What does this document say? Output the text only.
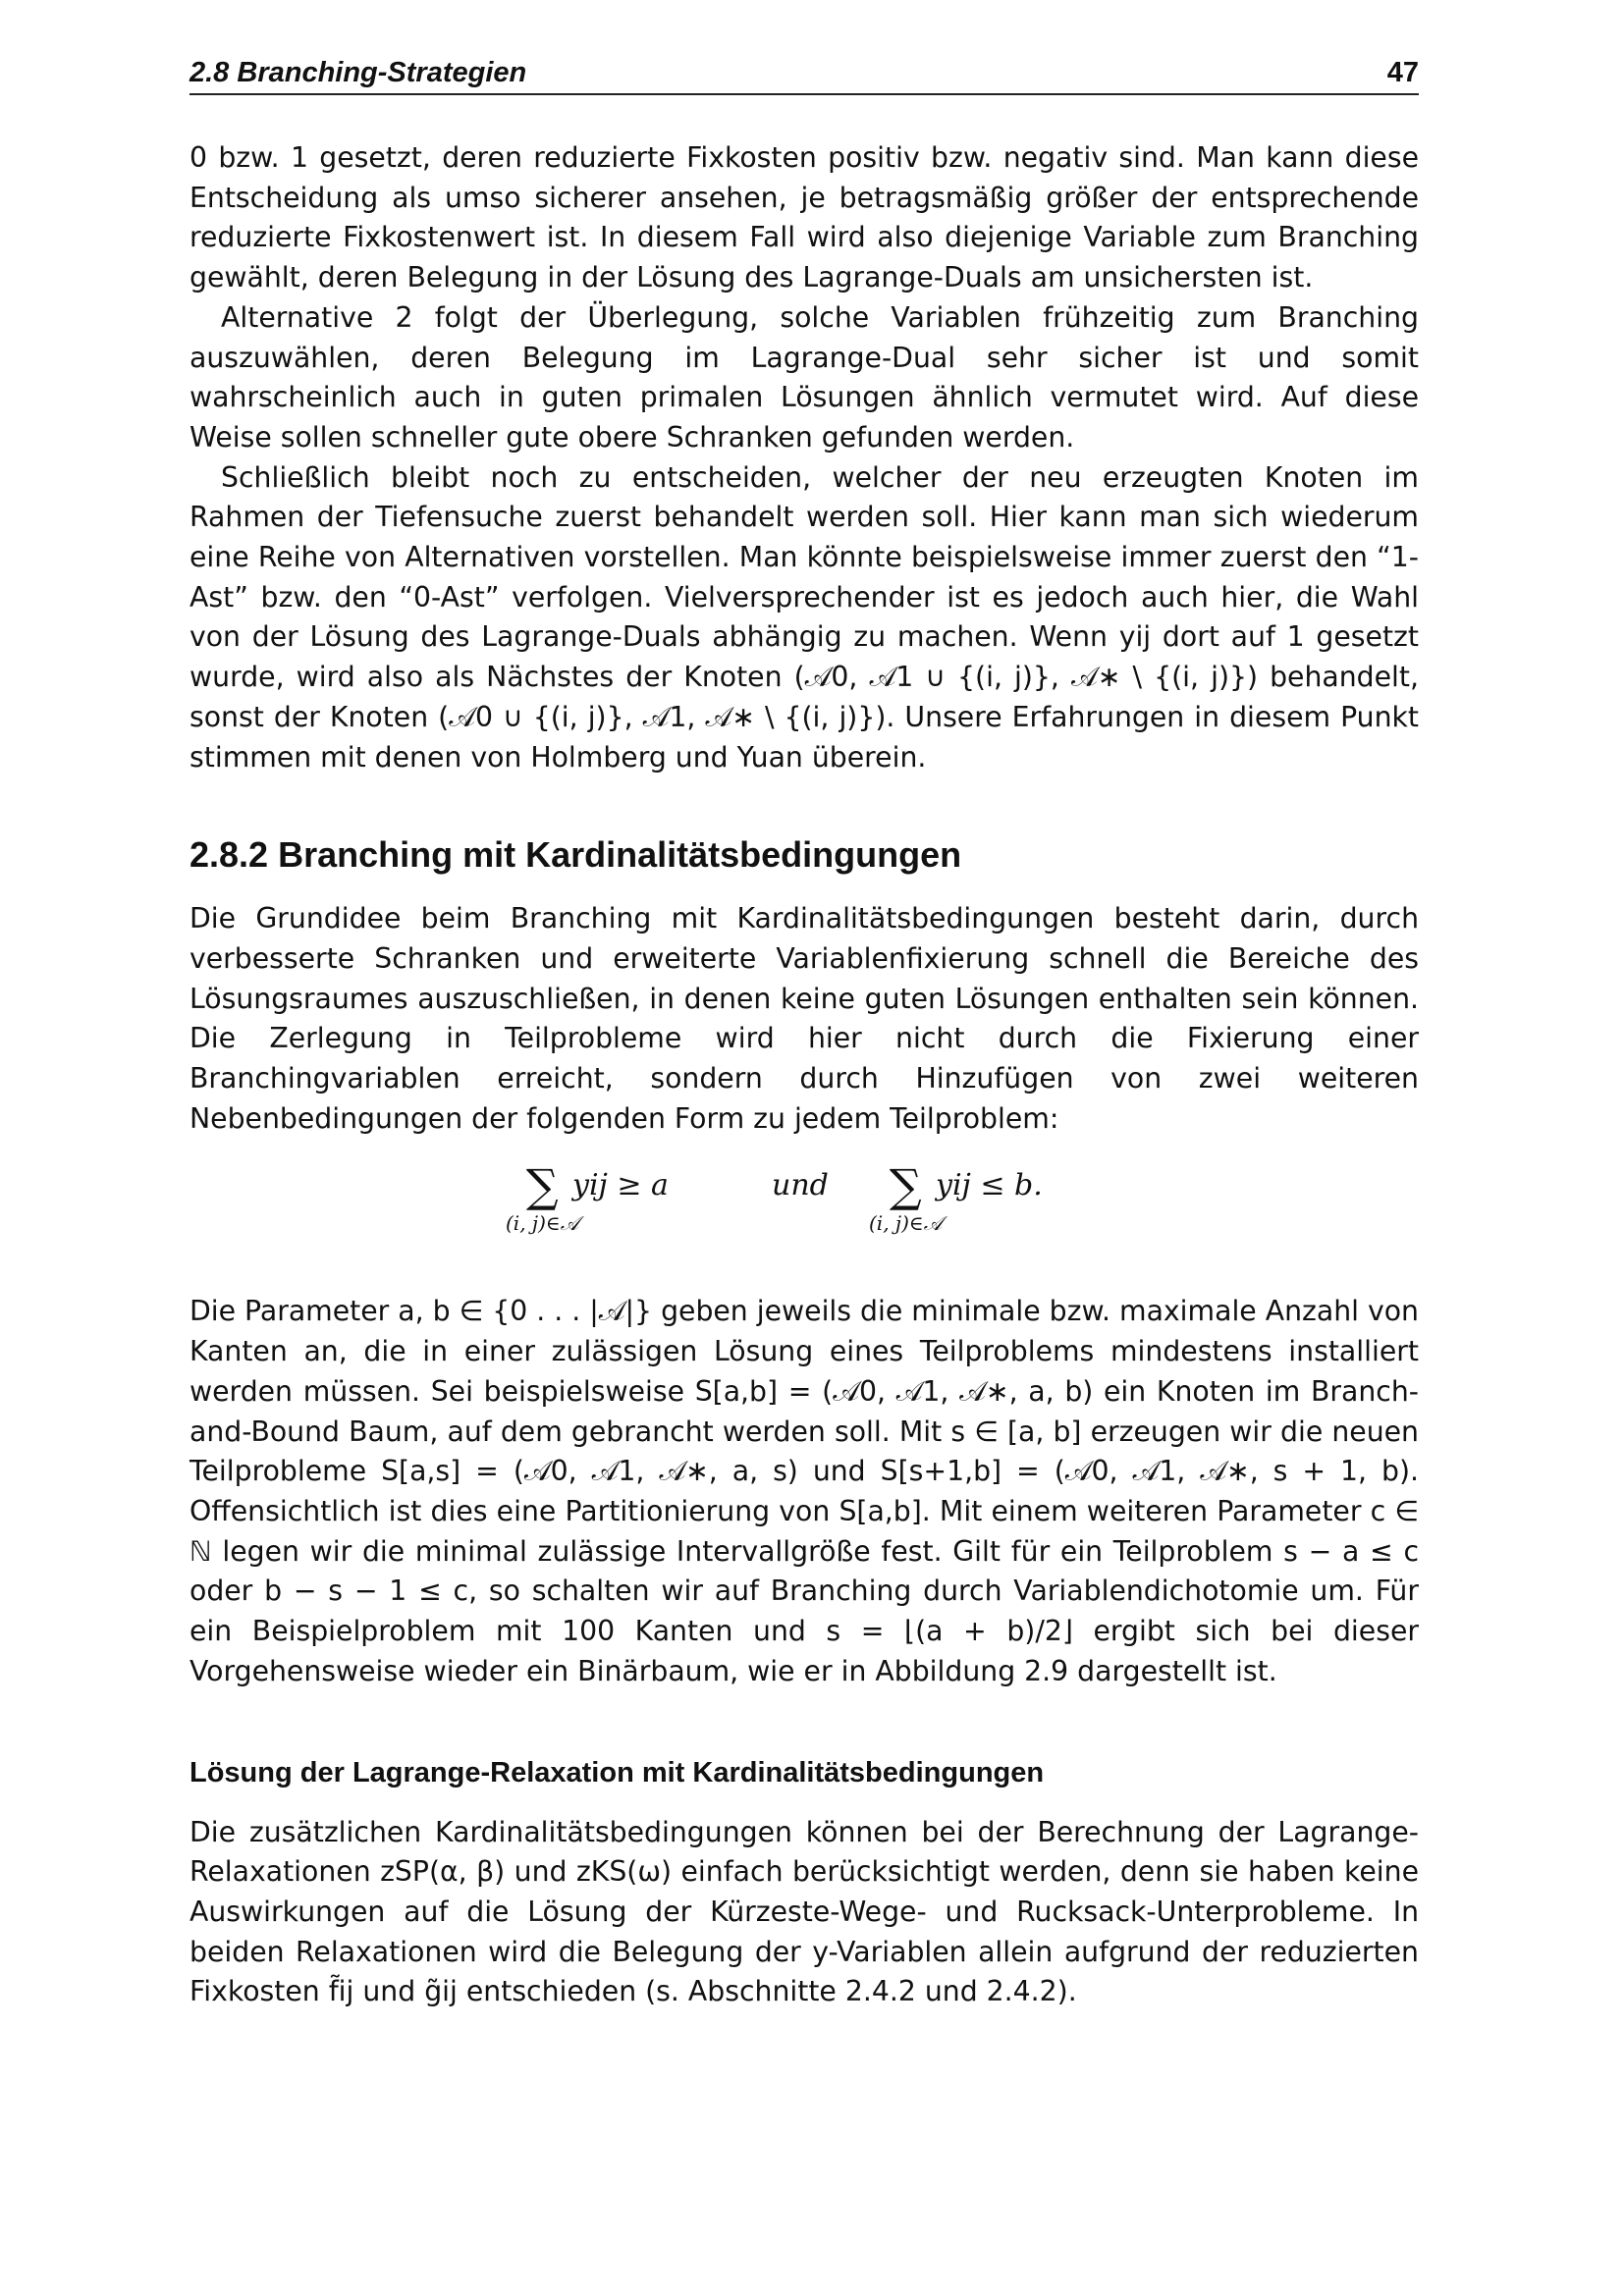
2.8 Branching-Strategien	47

0 bzw. 1 gesetzt, deren reduzierte Fixkosten positiv bzw. negativ sind. Man kann diese Entscheidung als umso sicherer ansehen, je betragsmäßig größer der entsprechende reduzierte Fixkostenwert ist. In diesem Fall wird also diejenige Variable zum Branching gewählt, deren Belegung in der Lösung des Lagrange-Duals am unsichersten ist.

Alternative 2 folgt der Überlegung, solche Variablen frühzeitig zum Branching auszuwählen, deren Belegung im Lagrange-Dual sehr sicher ist und somit wahrscheinlich auch in guten primalen Lösungen ähnlich vermutet wird. Auf diese Weise sollen schneller gute obere Schranken gefunden werden.

Schließlich bleibt noch zu entscheiden, welcher der neu erzeugten Knoten im Rahmen der Tiefensuche zuerst behandelt werden soll. Hier kann man sich wiederum eine Reihe von Alternativen vorstellen. Man könnte beispielsweise immer zuerst den “1-Ast” bzw. den “0-Ast” verfolgen. Vielversprechender ist es jedoch auch hier, die Wahl von der Lösung des Lagrange-Duals abhängig zu machen. Wenn yij dort auf 1 gesetzt wurde, wird also als Nächstes der Knoten (𝒜0, 𝒜1 ∪ {(i, j)}, 𝒜∗ \ {(i, j)}) behandelt, sonst der Knoten (𝒜0 ∪ {(i, j)}, 𝒜1, 𝒜∗ \ {(i, j)}). Unsere Erfahrungen in diesem Punkt stimmen mit denen von Holmberg und Yuan überein.

2.8.2 Branching mit Kardinalitätsbedingungen

Die Grundidee beim Branching mit Kardinalitätsbedingungen besteht darin, durch verbesserte Schranken und erweiterte Variablenfixierung schnell die Bereiche des Lösungsraumes auszuschließen, in denen keine guten Lösungen enthalten sein können. Die Zerlegung in Teilprobleme wird hier nicht durch die Fixierung einer Branchingvariablen erreicht, sondern durch Hinzufügen von zwei weiteren Nebenbedingungen der folgenden Form zu jedem Teilproblem:

∑
(i, j)∈𝒜
yij ≥ a	und	∑
(i, j)∈𝒜
yij ≤ b.

Die Parameter a, b ∈ {0 . . . |𝒜|} geben jeweils die minimale bzw. maximale Anzahl von Kanten an, die in einer zulässigen Lösung eines Teilproblems mindestens installiert werden müssen. Sei beispielsweise S[a,b] = (𝒜0, 𝒜1, 𝒜∗, a, b) ein Knoten im Branch-and-Bound Baum, auf dem gebrancht werden soll. Mit s ∈ [a, b] erzeugen wir die neuen Teilprobleme S[a,s] = (𝒜0, 𝒜1, 𝒜∗, a, s) und S[s+1,b] = (𝒜0, 𝒜1, 𝒜∗, s + 1, b). Offensichtlich ist dies eine Partitionierung von S[a,b]. Mit einem weiteren Parameter c ∈ ℕ legen wir die minimal zulässige Intervallgröße fest. Gilt für ein Teilproblem s − a ≤ c oder b − s − 1 ≤ c, so schalten wir auf Branching durch Variablendichotomie um. Für ein Beispielproblem mit 100 Kanten und s = ⌊(a + b)/2⌋ ergibt sich bei dieser Vorgehensweise wieder ein Binärbaum, wie er in Abbildung 2.9 dargestellt ist.

Lösung der Lagrange-Relaxation mit Kardinalitätsbedingungen

Die zusätzlichen Kardinalitätsbedingungen können bei der Berechnung der Lagrange-Relaxationen zSP(α, β) und zKS(ω) einfach berücksichtigt werden, denn sie haben keine Auswirkungen auf die Lösung der Kürzeste-Wege- und Rucksack-Unterprobleme. In beiden Relaxationen wird die Belegung der y-Variablen allein aufgrund der reduzierten Fixkosten f̃ij und g̃ij entschieden (s. Abschnitte 2.4.2 und 2.4.2).
